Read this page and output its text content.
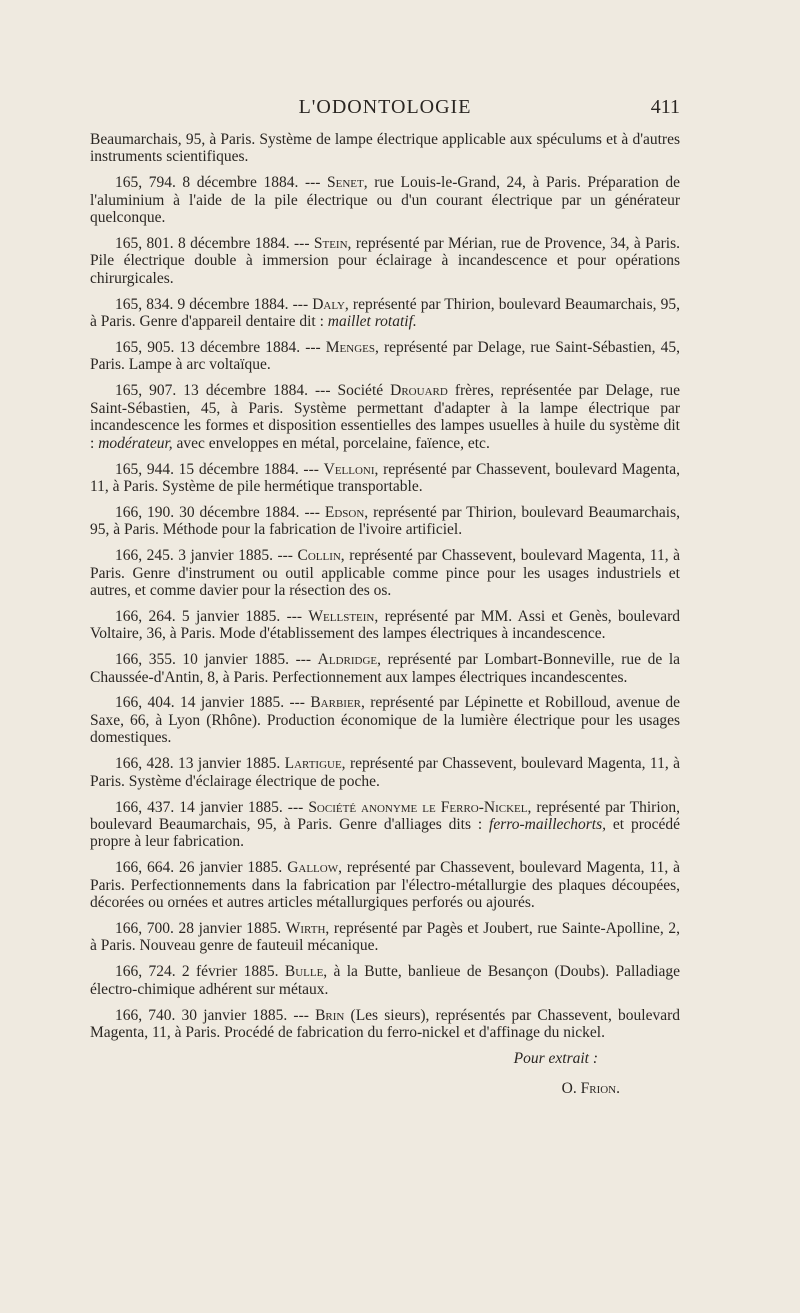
L'ODONTOLOGIE	411

Beaumarchais, 95, à Paris. Système de lampe électrique applicable aux spéculums et à d'autres instruments scientifiques.

165, 794. 8 décembre 1884. --- Senet, rue Louis-le-Grand, 24, à Paris. Préparation de l'aluminium à l'aide de la pile électrique ou d'un courant électrique par un générateur quelconque.

165, 801. 8 décembre 1884. --- Stein, représenté par Mérian, rue de Provence, 34, à Paris. Pile électrique double à immersion pour éclairage à incandescence et pour opérations chirurgicales.

165, 834. 9 décembre 1884. --- Daly, représenté par Thirion, boulevard Beaumarchais, 95, à Paris. Genre d'appareil dentaire dit : maillet rotatif.

165, 905. 13 décembre 1884. --- Menges, représenté par Delage, rue Saint-Sébastien, 45, Paris. Lampe à arc voltaïque.

165, 907. 13 décembre 1884. --- Société Drouard frères, représentée par Delage, rue Saint-Sébastien, 45, à Paris. Système permettant d'adapter à la lampe électrique par incandescence les formes et disposition essentielles des lampes usuelles à huile du système dit : modérateur, avec enveloppes en métal, porcelaine, faïence, etc.

165, 944. 15 décembre 1884. --- Velloni, représenté par Chassevent, boulevard Magenta, 11, à Paris. Système de pile hermétique transportable.

166, 190. 30 décembre 1884. --- Edson, représenté par Thirion, boulevard Beaumarchais, 95, à Paris. Méthode pour la fabrication de l'ivoire artificiel.

166, 245. 3 janvier 1885. --- Collin, représenté par Chassevent, boulevard Magenta, 11, à Paris. Genre d'instrument ou outil applicable comme pince pour les usages industriels et autres, et comme davier pour la résection des os.

166, 264. 5 janvier 1885. --- Wellstein, représenté par MM. Assi et Genès, boulevard Voltaire, 36, à Paris. Mode d'établissement des lampes électriques à incandescence.

166, 355. 10 janvier 1885. --- Aldridge, représenté par Lombart-Bonneville, rue de la Chaussée-d'Antin, 8, à Paris. Perfectionnement aux lampes électriques incandescentes.

166, 404. 14 janvier 1885. --- Barbier, représenté par Lépinette et Robilloud, avenue de Saxe, 66, à Lyon (Rhône). Production économique de la lumière électrique pour les usages domestiques.

166, 428. 13 janvier 1885. Lartigue, représenté par Chassevent, boulevard Magenta, 11, à Paris. Système d'éclairage électrique de poche.

166, 437. 14 janvier 1885. --- Société anonyme le Ferro-Nickel, représenté par Thirion, boulevard Beaumarchais, 95, à Paris. Genre d'alliages dits : ferro-maillechorts, et procédé propre à leur fabrication.

166, 664. 26 janvier 1885. Gallow, représenté par Chassevent, boulevard Magenta, 11, à Paris. Perfectionnements dans la fabrication par l'électro-métallurgie des plaques découpées, décorées ou ornées et autres articles métallurgiques perforés ou ajourés.

166, 700. 28 janvier 1885. Wirth, représenté par Pagès et Joubert, rue Sainte-Apolline, 2, à Paris. Nouveau genre de fauteuil mécanique.

166, 724. 2 février 1885. Bulle, à la Butte, banlieue de Besançon (Doubs). Palladiage électro-chimique adhérent sur métaux.

166, 740. 30 janvier 1885. --- Brin (Les sieurs), représentés par Chassevent, boulevard Magenta, 11, à Paris. Procédé de fabrication du ferro-nickel et d'affinage du nickel.

Pour extrait :

O. Frion.
